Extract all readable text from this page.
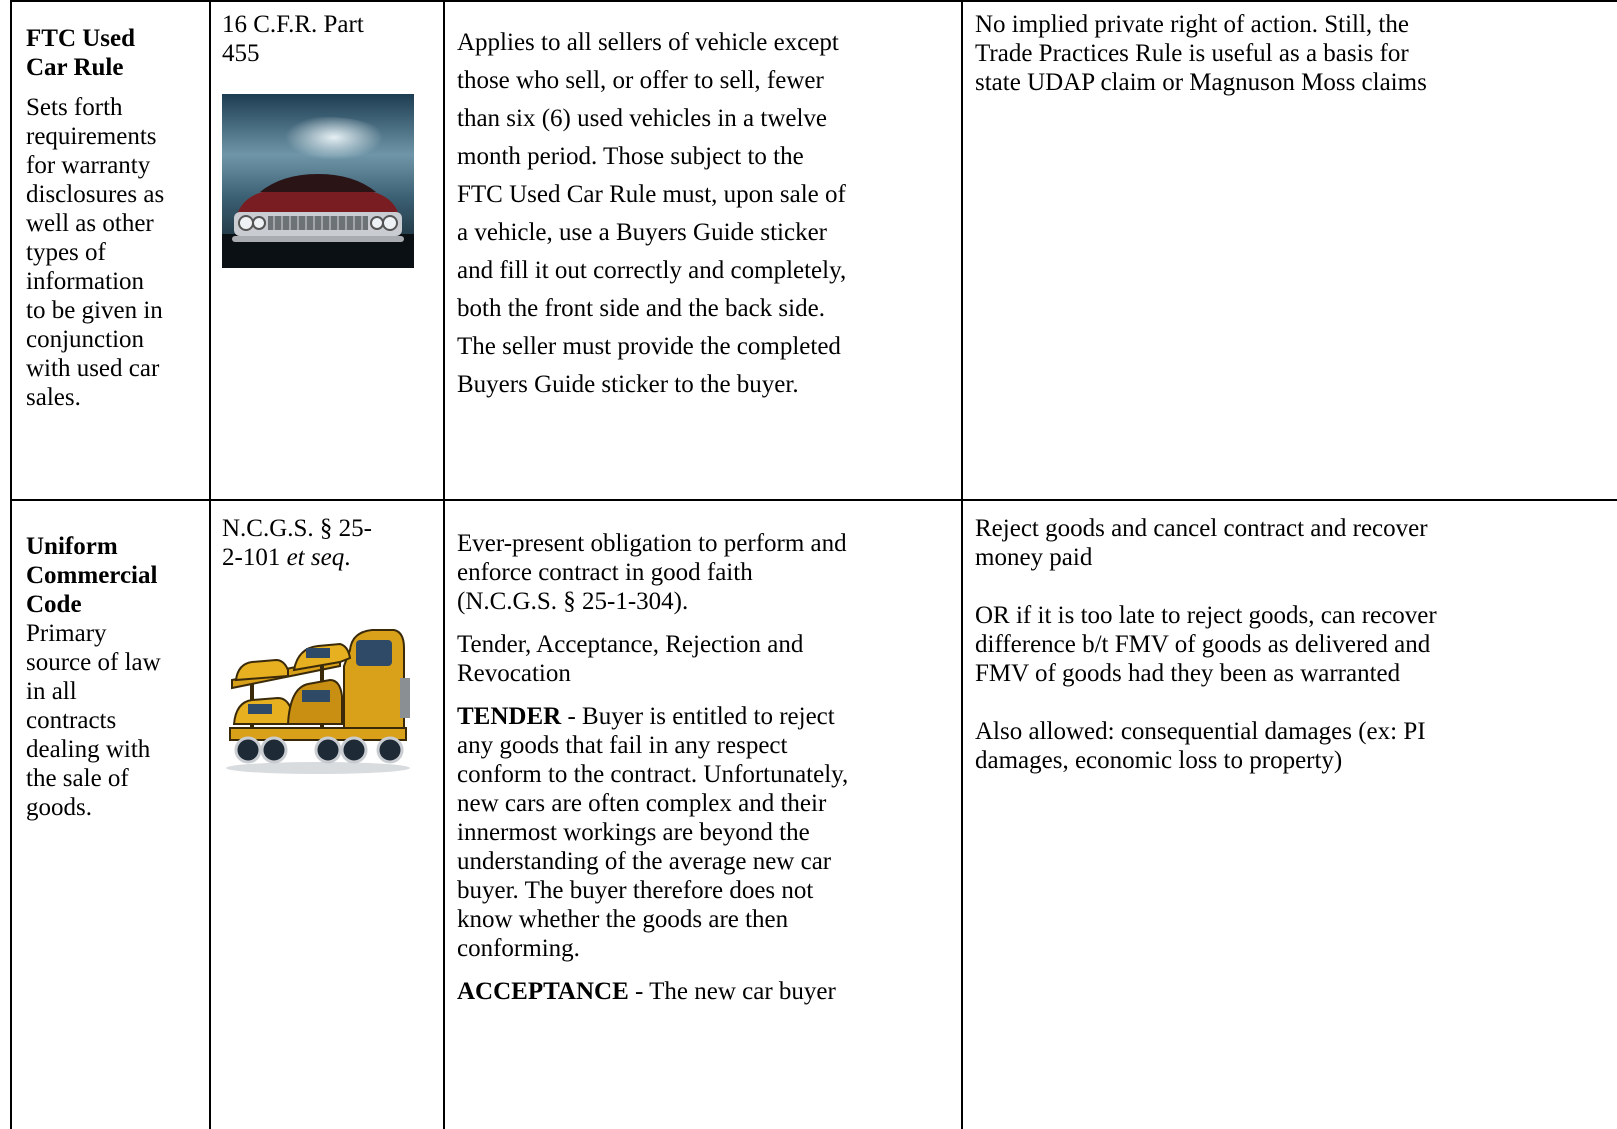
FTC Used
Car Rule

Sets forth
requirements
for warranty
disclosures as
well as other
types of
information
to be given in
conjunction
with used car
sales.

16 C.F.R. Part
455	Applies to all sellers of vehicle except
those who sell, or offer to sell, fewer
than six (6) used vehicles in a twelve
month period. Those subject to the
FTC Used Car Rule must, upon sale of
a vehicle, use a Buyers Guide sticker
and fill it out correctly and completely,
both the front side and the back side.
The seller must provide the completed
Buyers Guide sticker to the buyer.

No implied private right of action. Still, the
Trade Practices Rule is useful as a basis for
state UDAP claim or Magnuson Moss claims

Uniform
Commercial
Code

Primary
source of law
in all
contracts
dealing with
the sale of
goods.

N.C.G.S. § 25-
2-101 et seq.

Ever-present obligation to perform and
enforce contract in good faith
(N.C.G.S. § 25-1-304).

Tender, Acceptance, Rejection and
Revocation

TENDER - Buyer is entitled to reject
any goods that fail in any respect
conform to the contract. Unfortunately,
new cars are often complex and their
innermost workings are beyond the
understanding of the average new car
buyer. The buyer therefore does not
know whether the goods are then
conforming.

ACCEPTANCE - The new car buyer

Reject goods and cancel contract and recover
money paid

OR if it is too late to reject goods, can recover
difference b/t FMV of goods as delivered and
FMV of goods had they been as warranted

Also allowed: consequential damages (ex: PI
damages, economic loss to property)
